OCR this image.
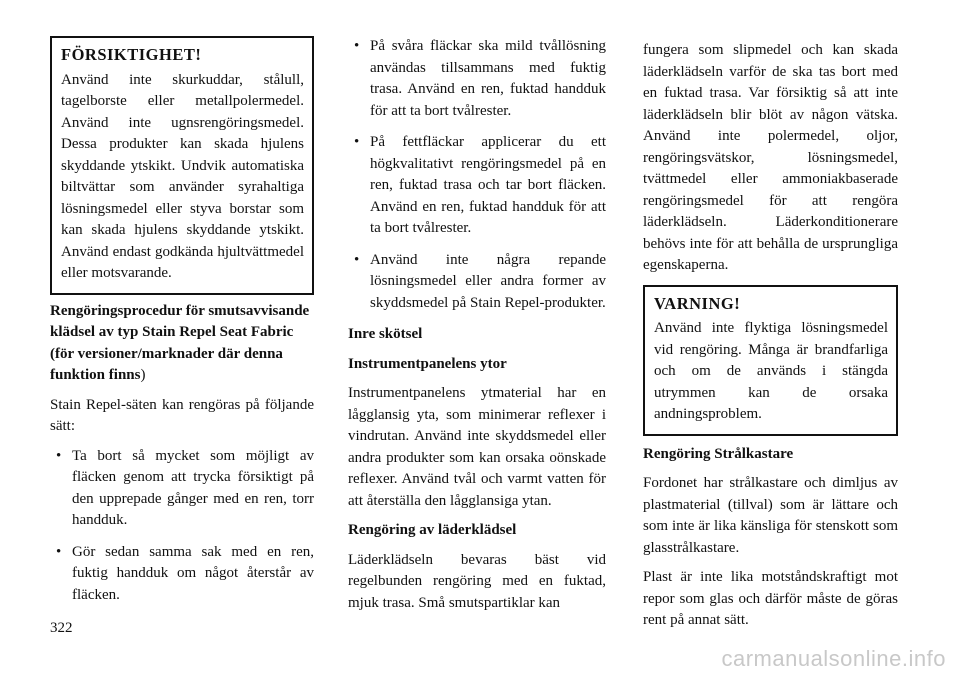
FÖRSIKTIGHET!

Använd inte skurkuddar, stålull, tagelborste eller metallpolermedel. Använd inte ugnsrengöringsmedel. Dessa produkter kan skada hjulens skyddande ytskikt. Undvik automatiska biltvättar som använder syrahaltiga lösningsmedel eller styva borstar som kan skada hjulens skyddande ytskikt. Använd endast godkända hjultvättmedel eller motsvarande.

Rengöringsprocedur för smutsavvisande klädsel av typ Stain Repel Seat Fabric (för versioner/marknader där denna funktion finns)

Stain Repel-säten kan rengöras på följande sätt:

• Ta bort så mycket som möjligt av fläcken genom att trycka försiktigt på den upprepade gånger med en ren, torr handduk.
• Gör sedan samma sak med en ren, fuktig handduk om något återstår av fläcken.
• På svåra fläckar ska mild tvållösning användas tillsammans med fuktig trasa. Använd en ren, fuktad handduk för att ta bort tvålrester.
• På fettfläckar applicerar du ett högkvalitativt rengöringsmedel på en ren, fuktad trasa och tar bort fläcken. Använd en ren, fuktad handduk för att ta bort tvålrester.
• Använd inte några repande lösningsmedel eller andra former av skyddsmedel på Stain Repel-produkter.
Inre skötsel
Instrumentpanelens ytor

Instrumentpanelens ytmaterial har en lågglansig yta, som minimerar reflexer i vindrutan. Använd inte skyddsmedel eller andra produkter som kan orsaka oönskade reflexer. Använd tvål och varmt vatten för att återställa den lågglansiga ytan.

Rengöring av läderklädsel

Läderklädseln bevaras bäst vid regelbunden rengöring med en fuktad, mjuk trasa. Små smutspartiklar kan

fungera som slipmedel och kan skada läderklädseln varför de ska tas bort med en fuktad trasa. Var försiktig så att inte läderklädseln blir blöt av någon vätska. Använd inte polermedel, oljor, rengöringsvätskor, lösningsmedel, tvättmedel eller ammoniakbaserade rengöringsmedel för att rengöra läderklädseln. Läderkonditionerare behövs inte för att behålla de ursprungliga egenskaperna.

VARNING!

Använd inte flyktiga lösningsmedel vid rengöring. Många är brandfarliga och om de används i stängda utrymmen kan de orsaka andningsproblem.

Rengöring Strålkastare

Fordonet har strålkastare och dimljus av plastmaterial (tillval) som är lättare och som inte är lika känsliga för stenskott som glasstrålkastare.

Plast är inte lika motståndskraftigt mot repor som glas och därför måste de göras rent på annat sätt.

322
carmanualsonline.info
